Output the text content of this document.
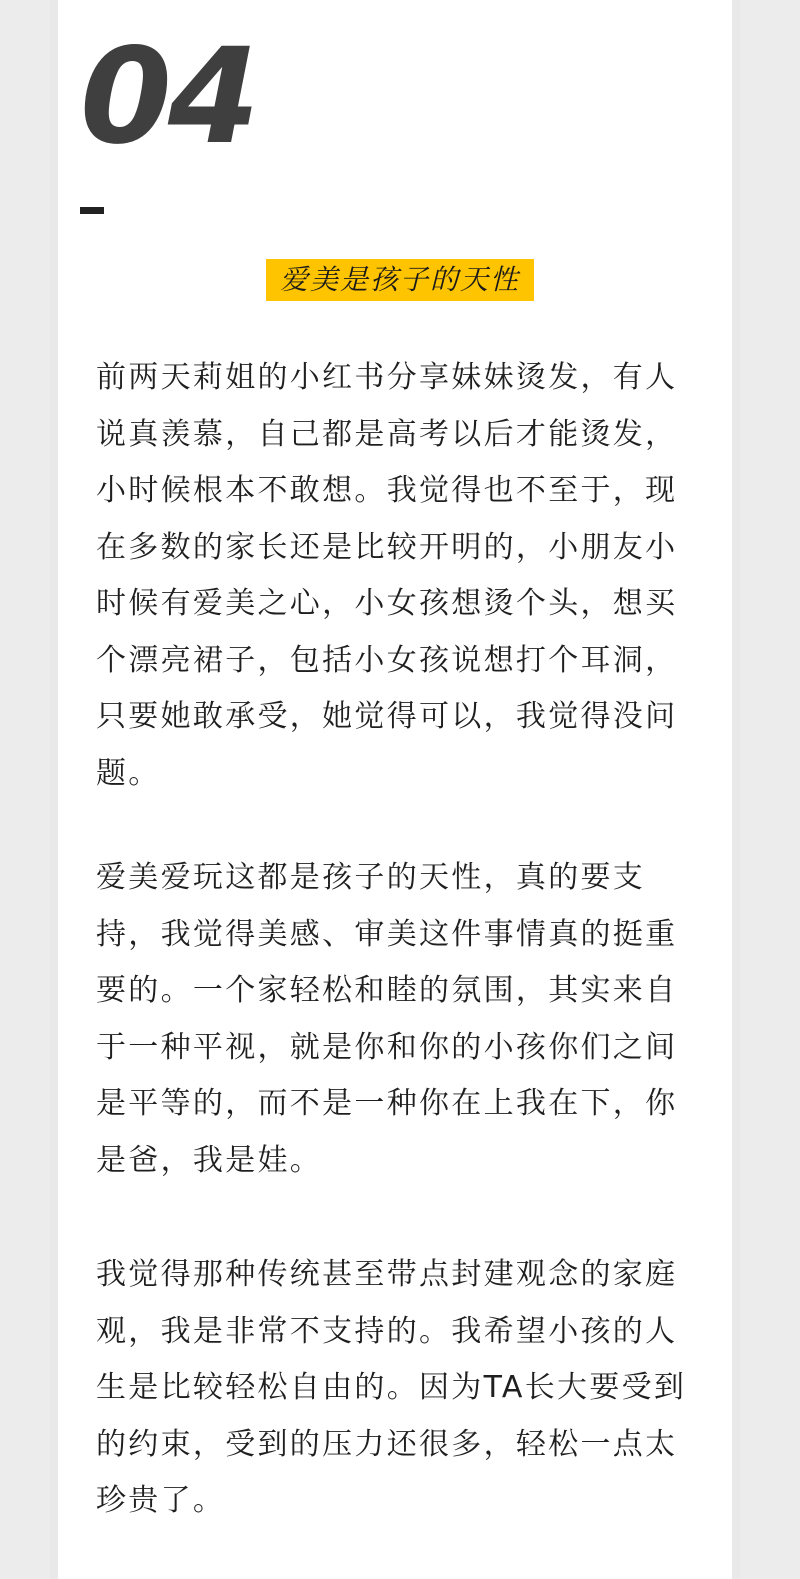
04
爱美是孩子的天性

前两天莉姐的小红书分享妹妹烫发，有人说真羡慕，自己都是高考以后才能烫发，小时候根本不敢想。我觉得也不至于，现在多数的家长还是比较开明的，小朋友小时候有爱美之心，小女孩想烫个头，想买个漂亮裙子，包括小女孩说想打个耳洞，只要她敢承受，她觉得可以，我觉得没问题。

爱美爱玩这都是孩子的天性，真的要支持，我觉得美感、审美这件事情真的挺重要的。一个家轻松和睦的氛围，其实来自于一种平视，就是你和你的小孩你们之间是平等的，而不是一种你在上我在下，你是爸，我是娃。

我觉得那种传统甚至带点封建观念的家庭观，我是非常不支持的。我希望小孩的人生是比较轻松自由的。因为TA长大要受到的约束，受到的压力还很多，轻松一点太珍贵了。
